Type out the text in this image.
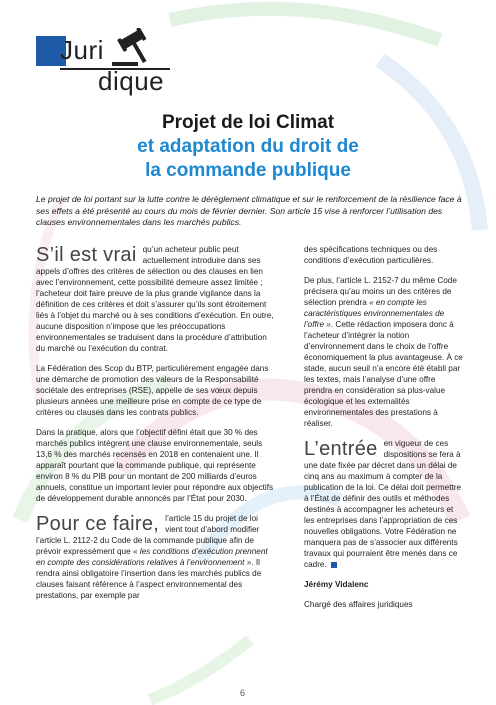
Juri
dique
Projet de loi Climat
et adaptation du droit de
la commande publique
Le projet de loi portant sur la lutte contre le dérèglement climatique et sur le renforcement de la résilience face à ses effets a été présenté au cours du mois de février dernier. Son article 15 vise à renforcer l’utilisation des clauses environnementales dans les marchés publics.

S’il est vrai qu’un acheteur public peut actuellement introduire dans ses appels d’offres des critères de sélection ou des clauses en lien avec l’environnement, cette possibilité demeure assez limitée ; l’acheteur doit faire preuve de la plus grande vigilance dans la définition de ces critères et doit s’assurer qu’ils sont étroitement liés à l’objet du marché ou à ses conditions d’exécution. En outre, aucune disposition n’impose que les préoccupations environnementales se traduisent dans la procédure d’attribution du marché ou l’exécution du contrat.

La Fédération des Scop du BTP, particulièrement engagée dans une démarche de promotion des valeurs de la Responsabilité sociétale des entreprises (RSE), appelle de ses vœux depuis plusieurs années une meilleure prise en compte de ce type de critères ou clauses dans les contrats publics.

Dans la pratique, alors que l’objectif défini était que 30 % des marchés publics intègrent une clause environnementale, seuls 13,6 % des marchés recensés en 2018 en contenaient une. Il apparaît pourtant que la commande publique, qui représente environ 8 % du PIB pour un montant de 200 milliards d’euros annuels, constitue un important levier pour répondre aux objectifs de développement durable annoncés par l’État pour 2030.

Pour ce faire, l’article 15 du projet de loi vient tout d’abord modifier l’article L. 2112-2 du Code de la commande publique afin de prévoir expressément que « les conditions d’exécution prennent en compte des considérations relatives à l’environnement ». Il rendra ainsi obligatoire l’insertion dans les marchés publics de clauses faisant référence à l’aspect environnemental des prestations, par exemple par

des spécifications techniques ou des conditions d’exécution particulières.

De plus, l’article L. 2152-7 du même Code précisera qu’au moins un des critères de sélection prendra « en compte les caractéristiques environnementales de l’offre ». Cette rédaction imposera donc à l’acheteur d’intégrer la notion d’environnement dans le choix de l’offre économiquement la plus avantageuse. À ce stade, aucun seuil n’a encore été établi par les textes, mais l’analyse d’une offre prendra en considération sa plus-value écologique et les externalités environnementales des prestations à réaliser.

L’entrée en vigueur de ces dispositions se fera à une date fixée par décret dans un délai de cinq ans au maximum à compter de la publication de la loi. Ce délai doit permettre à l’État de définir des outils et méthodes destinés à accompagner les acheteurs et les entreprises dans l’appropriation de ces nouvelles obligations. Votre Fédération ne manquera pas de s’associer aux différents travaux qui pourraient être menés dans ce cadre.

Jérémy Vidalenc

Chargé des affaires juridiques

6
